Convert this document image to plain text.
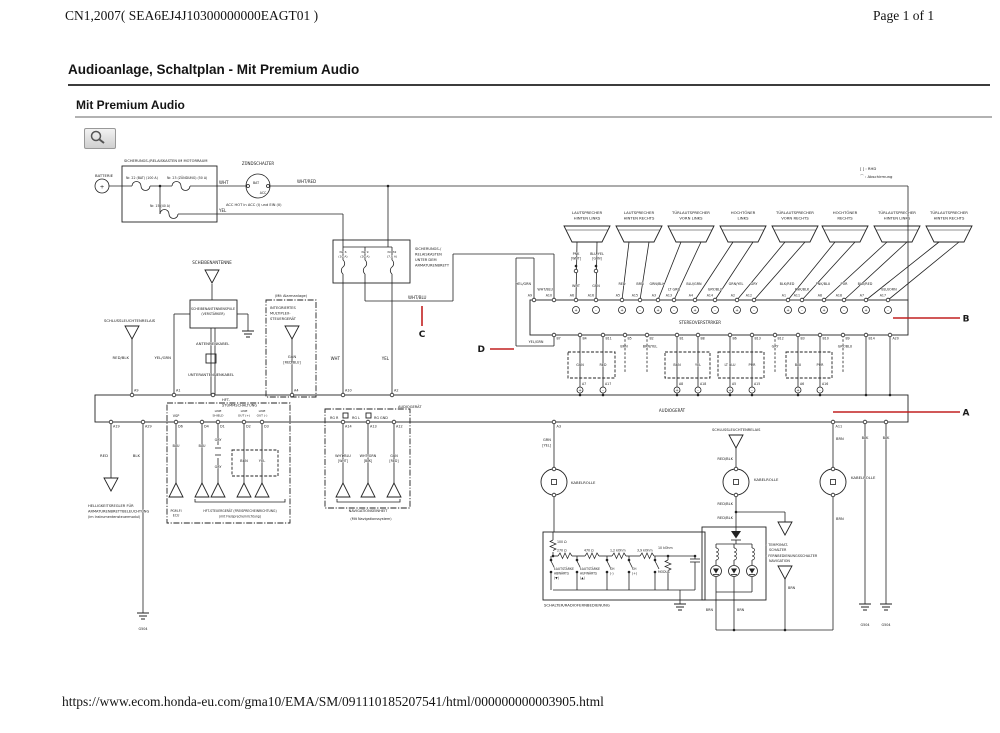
CN1,2007( SEA6EJ4J10300000000EAGT01 )	Page 1 of 1
Audioanlage, Schaltplan - Mit Premium Audio
Mit Premium Audio
LAUTSPRECHER
HINTEN LINKS
LAUTSPRECHER
HINTEN RECHTS
TÜRLAUTSPRECHER
VORN LINKS
HOCHTÖNER
LINKS
TÜRLAUTSPRECHER
VORN RECHTS
HOCHTÖNER
RECHTS
TÜRLAUTSPRECHER
HINTEN LINKS
TÜRLAUTSPRECHER
HINTEN RECHTS
+	-	+	-	+	-	+	-	+	-	+	-	+	-	+	-
+	-	+	-	+	-	+	-
BATTERIE
SICHERUNGS-/RELAISKASTEN IM MOTORRAUM
Nr. 22 (BAT) (100 A)	Nr. 23 (ZÜNDUNG) (50 A)
Nr. 15 (40 A)
WHT
YEL
ZÜNDSCHALTER
BAT
ACC
ACC HOT in ACC (I) und EIN (II)
WHT/RED
[ ] : RHD
⌒ : Abschirmung
SICHERUNGS-/
RELAISKASTEN
UNTER DEM
ARMATURENBRETT
Nr. 6
(10 A)
Nr. 9
(20 A)
Nr. 32
(7,5 A)
WHT/BLU
WHT	YEL
SCHEIBENANTENNE
SCHEIBENANTENNENSPULE
(VERSTÄRKER)
SCHLUSSLEUCHTENRELAIS
RED/BLK	YEL/GRN
ANTENNENKABEL
UNTERANTENNENKABEL
(Mit Alarmanlage)
INTEGRIERTES
MULTIPLEX-
STEUERGERÄT
GRN
[RED/BLU]
A9	A1	A4	A10	A2
PNK
[WHT]
BLU/YEL
[GRN]
YEL/GRN
WHT/BLU
WHT	GRN	RED	BRN GRN/BLK
LT GRN
BLU/GRN
GRY/BLU
GRN/YEL GRY	BLK/RED
PNK/BLK
PNK/BLU	PUR	BLU/RED
BLU/ORN
A9	A10	A6	A16	A5	A15	A3	A13	A4	A14	A2	A12	A1 A11	A8	A18	A7	A17
STEREOVERSTÄRKER
B7	B4	B11	B5	B2	B1	B8	B6	B13	B12	B3	B10	B9	B14	A20
YEL/GRN
BRN	BRN/YEL	GRY	GRY/BLU
GRN	RED	BRN	YEL	LT BLU	PUR	BLU	PUR
A7	A17	A8	A18	A5	A15	A6	A16
AUDIOGERÄT
AUDIOGERÄT
RG R	RG L	RG GND
A19	A29	D6	D4	D1	D2	D3	A14	A13	A12	A3	A11
BLK	BLK
RED	BLK
HELLIGKEITSREGLER FÜR
ARMATURENBRETTBELEUCHTUNG
(im Instrumentensteuermodul)
HFT-
STUMMSCHALTUNG
VSP
LINE
SHIELD
LINE
OUT (+)
LINE
OUT (-)
BLU	BLU
GRY
GRY
BRN	YEL
PGM-FI
ECU
HFT-STEUERGERÄT (FREISPRECHEINRICHTUNG)
(mit Freisprecheinrichtung)
WHT/BLU
[WHT]
WHT/GRN
[BLK]
GRN
[RED]
NAVIGATIONSEINHEIT
(Mit Navigationssystem)
GRN
[YEL]
KABELROLLE
SCHLUSSLEUCHTENRELAIS
RED/BLK
RED/BLK
RED/BLK
KABELROLLE
BRN
KABELROLLE
BRN
- TEMPOMAT-
SCHALTER
- FERNBEDIENUNGSSCHALTER
NAVIGATION
BRN
BRN	BRN
100 Ω
270 Ω	470 Ω	1,2 kOhm	3,9 kOhm
10 kOhm
LAUTSTÄRKE
ABWÄRTS
(▼)
LAUTSTÄRKE
AUFWÄRTS
(▲)
CH
(-)
CH
(+)	MODUS
SCHALTER/RADIOFERNBEDIENUNG
G504
G504	G504
+
A
B
C
D
https://www.ecom.honda-eu.com/gma10/EMA/SM/091110185207541/html/000000000003905.html
